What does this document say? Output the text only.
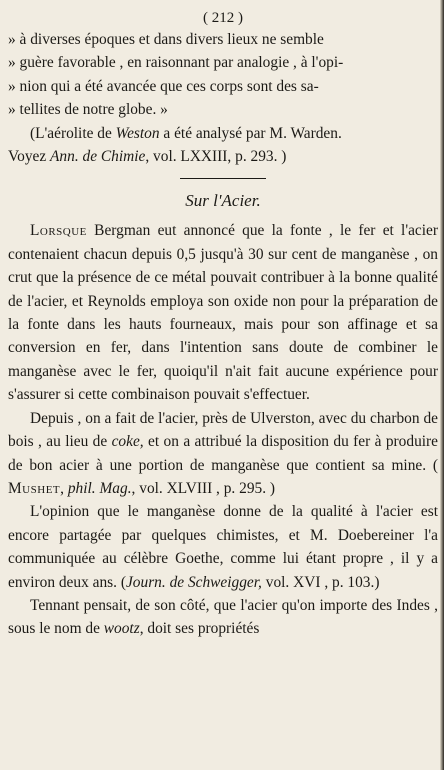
( 212 )

» à diverses époques et dans divers lieux ne semble

» guère favorable , en raisonnant par analogie , à l'opi-

» nion qui a été avancée que ces corps sont des sa-

» tellites de notre globe. »

(L'aérolite de Weston a été analysé par M. Warden.
Voyez Ann. de Chimie, vol. LXXIII, p. 293. )

Sur l'Acier.

Lorsque Bergman eut annoncé que la fonte , le fer et l'acier contenaient chacun depuis 0,5 jusqu'à 30 sur cent de manganèse , on crut que la présence de ce métal pouvait contribuer à la bonne qualité de l'acier, et Reynolds employa son oxide non pour la préparation de la fonte dans les hauts fourneaux, mais pour son affinage et sa conversion en fer, dans l'intention sans doute de combiner le manganèse avec le fer, quoiqu'il n'ait fait aucune expérience pour s'assurer si cette combinaison pouvait s'effectuer.

Depuis , on a fait de l'acier, près de Ulverston, avec du charbon de bois , au lieu de coke, et on a attribué la disposition du fer à produire de bon acier à une portion de manganèse que contient sa mine. ( Mushet, phil. Mag., vol. XLVIII , p. 295. )

L'opinion que le manganèse donne de la qualité à l'acier est encore partagée par quelques chimistes, et M. Doebereiner l'a communiquée au célèbre Goethe, comme lui étant propre , il y a environ deux ans. (Journ. de Schweigger, vol. XVI , p. 103.)

Tennant pensait, de son côté, que l'acier qu'on importe des Indes , sous le nom de wootz, doit ses propriétés
